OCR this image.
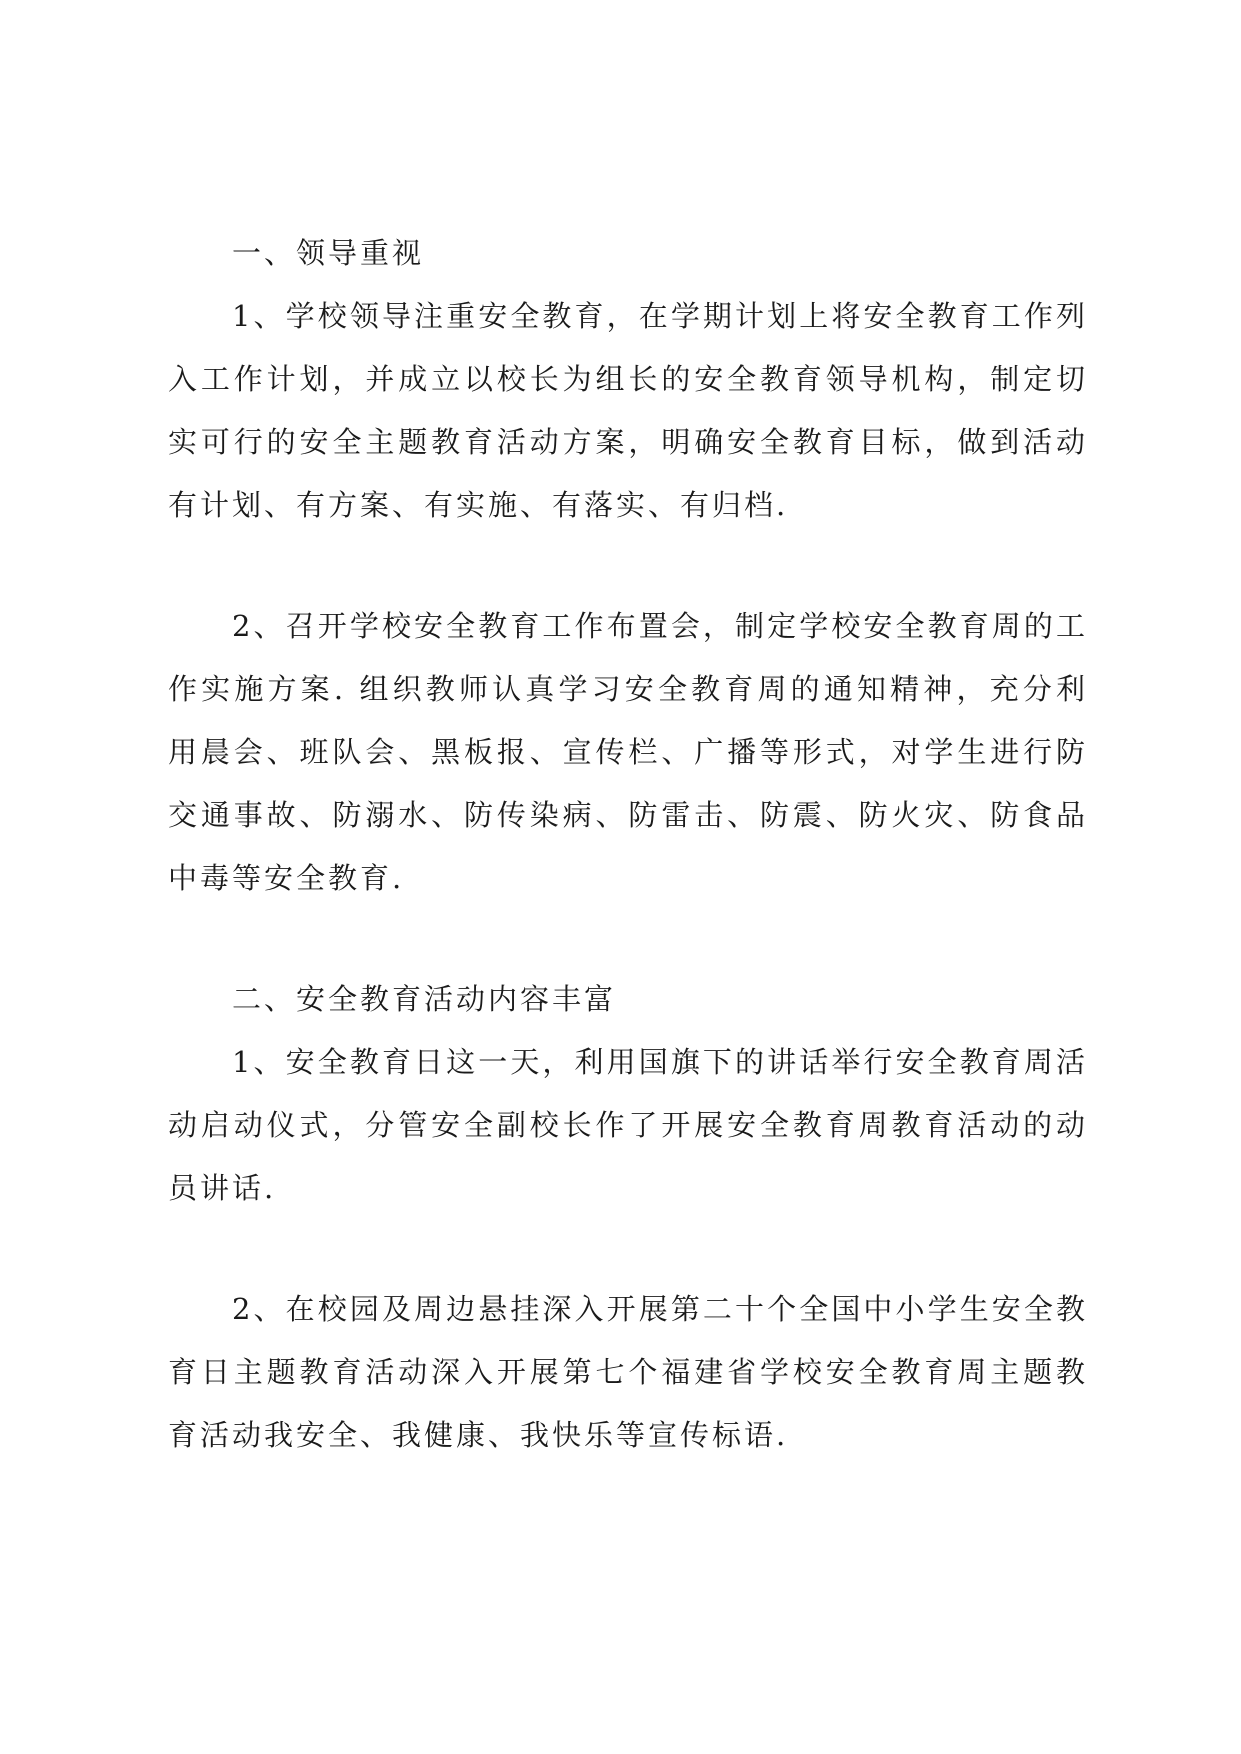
一、领导重视

1、学校领导注重安全教育，在学期计划上将安全教育工作列入工作计划，并成立以校长为组长的安全教育领导机构，制定切实可行的安全主题教育活动方案，明确安全教育目标，做到活动有计划、有方案、有实施、有落实、有归档.

2、召开学校安全教育工作布置会，制定学校安全教育周的工作实施方案. 组织教师认真学习安全教育周的通知精神，充分利用晨会、班队会、黑板报、宣传栏、广播等形式，对学生进行防交通事故、防溺水、防传染病、防雷击、防震、防火灾、防食品中毒等安全教育.

二、安全教育活动内容丰富

1、安全教育日这一天，利用国旗下的讲话举行安全教育周活动启动仪式，分管安全副校长作了开展安全教育周教育活动的动员讲话.

2、在校园及周边悬挂深入开展第二十个全国中小学生安全教育日主题教育活动深入开展第七个福建省学校安全教育周主题教育活动我安全、我健康、我快乐等宣传标语.
